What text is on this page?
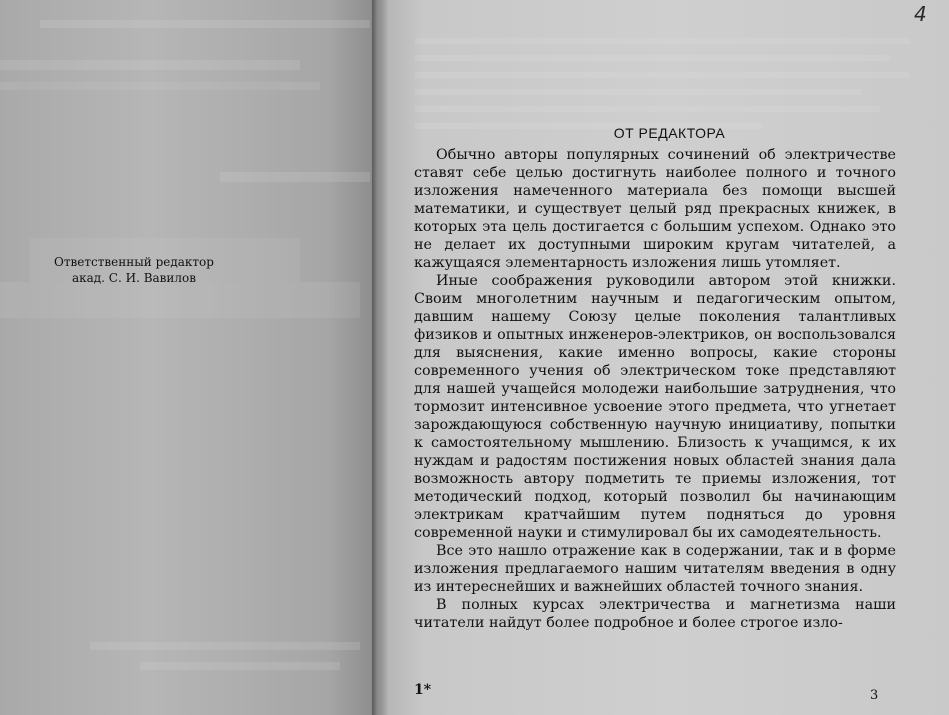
Ответственный редактор
акад. С. И. Вавилов
4
ОТ РЕДАКТОРА

Обычно авторы популярных сочинений об электричестве ставят себе целью достигнуть наиболее полного и точного изложения намеченного материала без помощи высшей математики, и существует целый ряд прекрасных книжек, в которых эта цель достигается с большим успехом. Однако это не делает их доступными широким кругам читателей, а кажущаяся элементарность изложения лишь утомляет.

Иные соображения руководили автором этой книжки. Своим многолетним научным и педагогическим опытом, давшим нашему Союзу целые поколения талантливых физиков и опытных инженеров-электриков, он воспользовался для выяснения, какие именно вопросы, какие стороны современного учения об электрическом токе представляют для нашей учащейся молодежи наибольшие затруднения, что тормозит интенсивное усвоение этого предмета, что угнетает зарождающуюся собственную научную инициативу, попытки к самостоятельному мышлению. Близость к учащимся, к их нуждам и радостям постижения новых областей знания дала возможность автору подметить те приемы изложения, тот методический подход, который позволил бы начинающим электрикам кратчайшим путем подняться до уровня современной науки и стимулировал бы их самодеятельность.

Все это нашло отражение как в содержании, так и в форме изложения предлагаемого нашим читателям введения в одну из интереснейших и важнейших областей точного знания.

В полных курсах электричества и магнетизма наши читатели найдут более подробное и более строгое изло-

1*	3
